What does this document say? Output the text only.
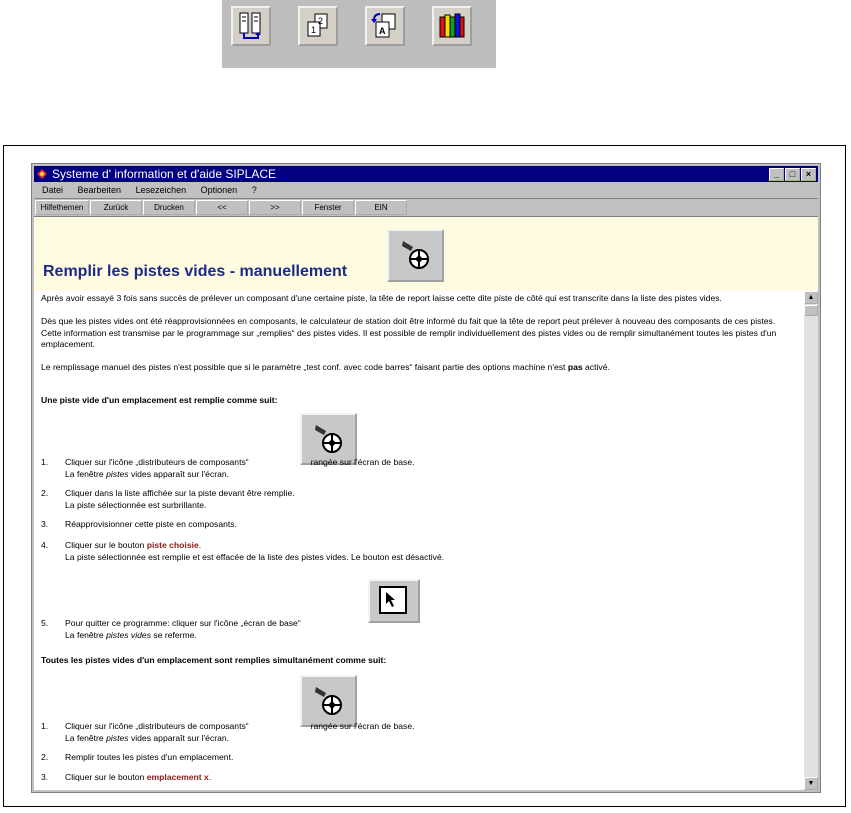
2
1	A
Systeme d' information et d'aide SIPLACE	_	□	×
Datei Bearbeiten Lesezeichen Optionen ?
Hilfethemen	Zurück	Drucken	<<	>>	Fenster	EIN
Remplir les pistes vides - manuellement

Après avoir essayé 3 fois sans succès de prélever un composant d'une certaine piste, la tête de report laisse cette dite piste de côté qui est transcrite dans la liste des pistes vides.

Dès que les pistes vides ont été réapprovisionnées en composants, le calculateur de station doit être informé du fait que la tête de report peut prélever à nouveau des composants de ces pistes. Cette information est transmise par le programmage sur „remplies“ des pistes vides. Il est possible de remplir individuellement des pistes vides ou de remplir simultanément toutes les pistes d'un emplacement.

Le remplissage manuel des pistes n'est possible que si le paramètre „test conf. avec code barres“ faisant partie des options machine n'est pas activé.

Une piste vide d'un emplacement est remplie comme suit:

1. Cliquer sur l'icône „distributeurs de composants“	rangée sur l'écran de base.
La fenêtre pistes vides apparaît sur l'écran.
2. Cliquer dans la liste affichée sur la piste devant être remplie.
La piste sélectionnée est surbrillante.
3. Réapprovisionner cette piste en composants.
4. Cliquer sur le bouton piste choisie.
La piste sélectionnée est remplie et est effacée de la liste des pistes vides. Le bouton est désactivé.
5. Pour quitter ce programme: cliquer sur l'icône „écran de base“
La fenêtre pistes vides se referme.

Toutes les pistes vides d'un emplacement sont remplies simultanément comme suit:

1. Cliquer sur l'icône „distributeurs de composants“	rangée sur l'écran de base.
La fenêtre pistes vides apparaît sur l'écran.
2. Remplir toutes les pistes d'un emplacement.
3. Cliquer sur le bouton emplacement x.
▲
▼
